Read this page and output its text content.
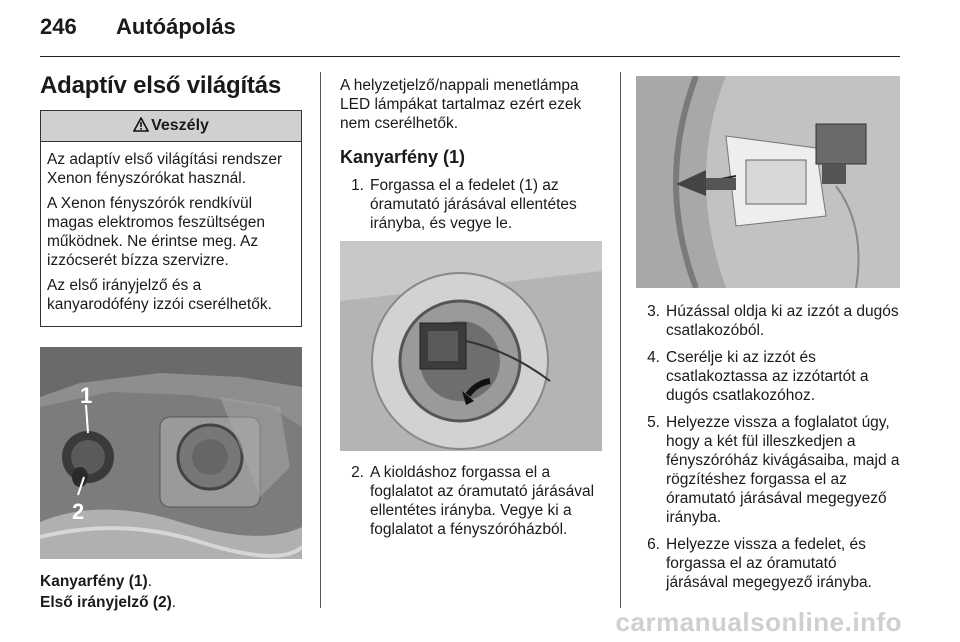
246	Autóápolás
Adaptív első világítás
Veszély

Az adaptív első világítási rendszer Xenon fényszórókat használ.

A Xenon fényszórók rendkívül magas elektromos feszültségen működnek. Ne érintse meg. Az izzócserét bízza szervizre.

Az első irányjelző és a kanyarodófény izzói cserélhetők.

1
2
Kanyarfény (1).
Első irányjelző (2).

A helyzetjelző/nappali menetlámpa LED lámpákat tartalmaz ezért ezek nem cserélhetők.

Kanyarfény (1)
1. Forgassa el a fedelet (1) az óramutató járásával ellentétes irányba, és vegye le.
2. A kioldáshoz forgassa el a foglalatot az óramutató járásával ellentétes irányba. Vegye ki a foglalatot a fényszóróházból.
3. Húzással oldja ki az izzót a dugós csatlakozóból.
4. Cserélje ki az izzót és csatlakoztassa az izzótartót a dugós csatlakozóhoz.
5. Helyezze vissza a foglalatot úgy, hogy a két fül illeszkedjen a fényszóróház kivágásaiba, majd a rögzítéshez forgassa el az óramutató járásával megegyező irányba.
6. Helyezze vissza a fedelet, és forgassa el az óramutató járásával megegyező irányba.
carmanualsonline.info
